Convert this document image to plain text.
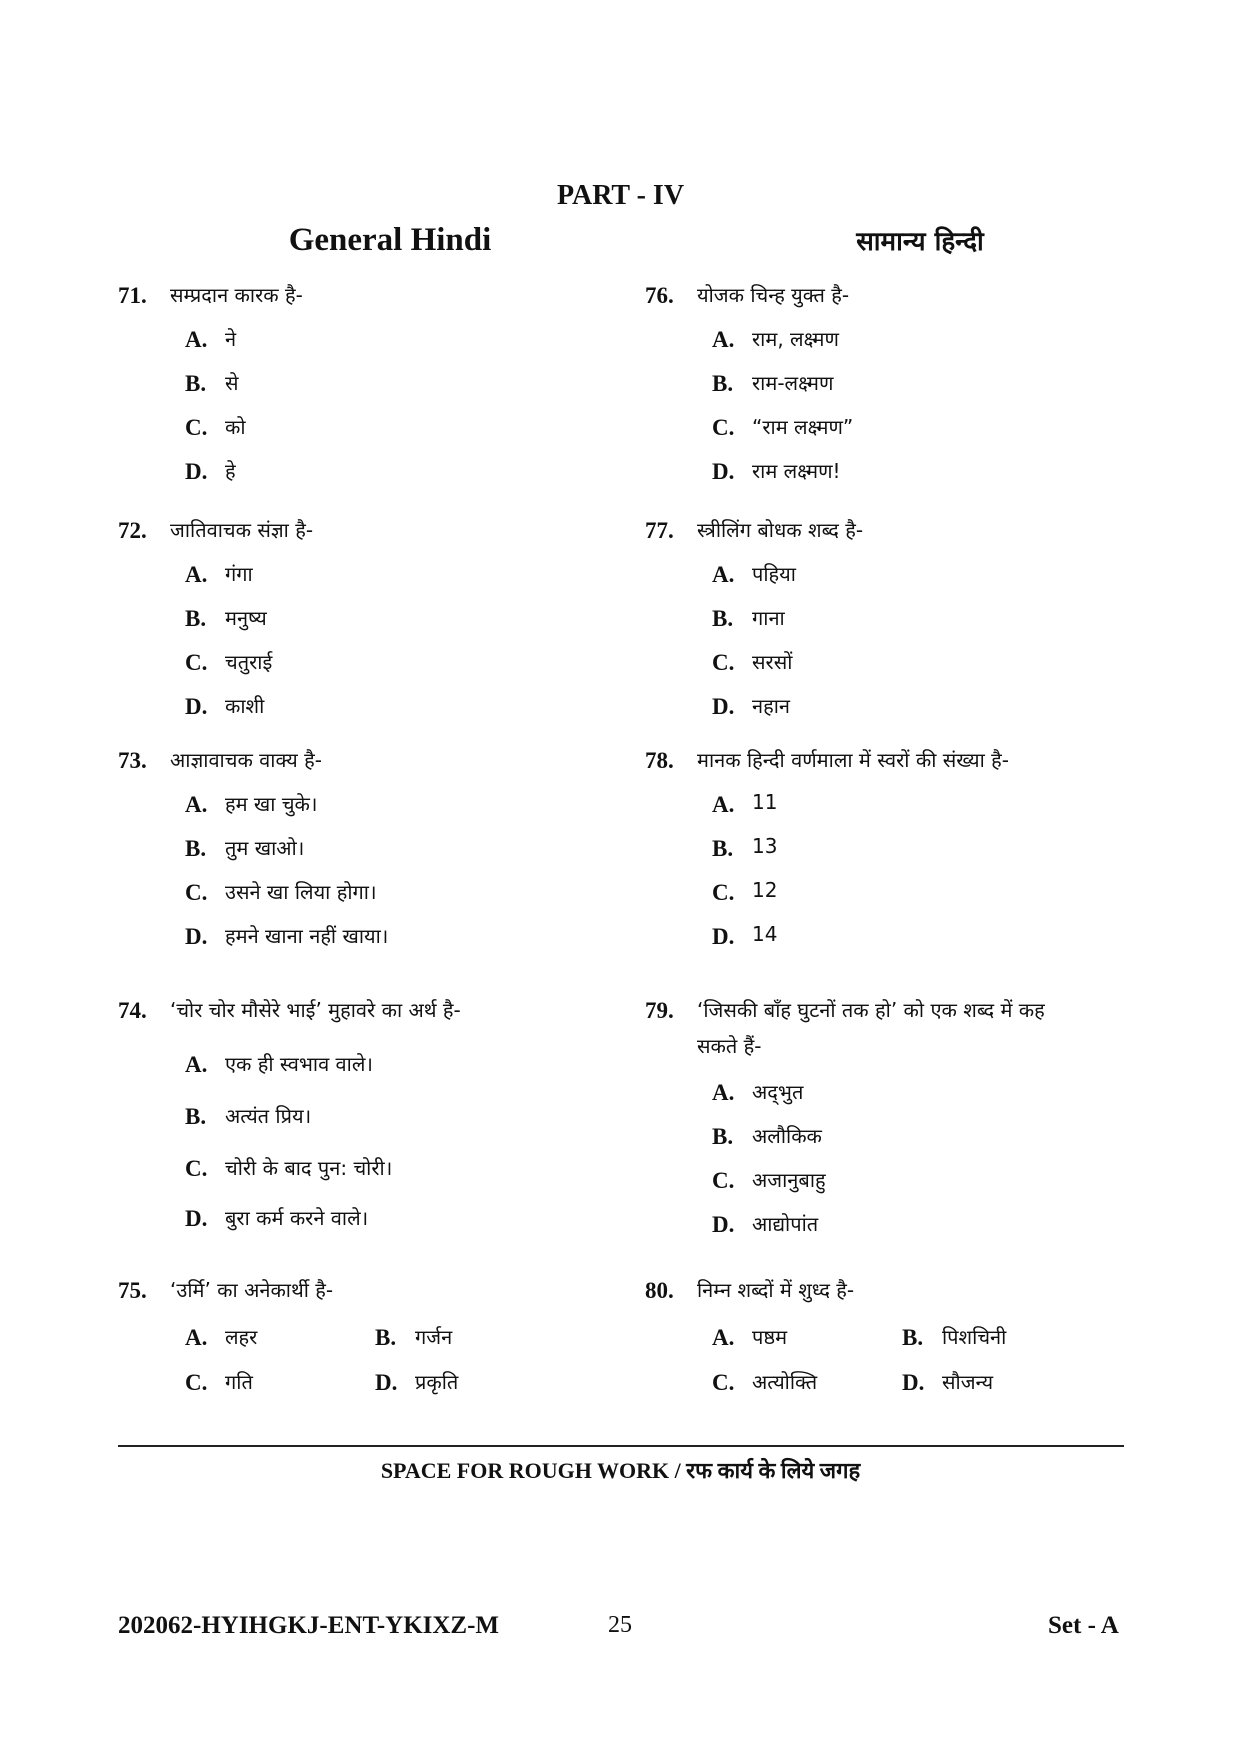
PART - IV
General Hindi	सामान्य हिन्दी
71. सम्प्रदान कारक है-
A. ने
B. से
C. को
D. हे
72. जातिवाचक संज्ञा है-
A. गंगा
B. मनुष्य
C. चतुराई
D. काशी
73. आज्ञावाचक वाक्य है-
A. हम खा चुके।
B. तुम खाओ।
C. उसने खा लिया होगा।
D. हमने खाना नहीं खाया।
74. ‘चोर चोर मौसेरे भाई’ मुहावरे का अर्थ है-
A. एक ही स्वभाव वाले।
B. अत्यंत प्रिय।
C. चोरी के बाद पुन: चोरी।
D. बुरा कर्म करने वाले।
75. ‘उर्मि’ का अनेकार्थी है-
A. लहर	B. गर्जन
C. गति	D. प्रकृति
76. योजक चिन्ह युक्त है-
A. राम, लक्ष्मण
B. राम-लक्ष्मण
C. “राम लक्ष्मण”
D. राम लक्ष्मण!
77. स्त्रीलिंग बोधक शब्द है-
A. पहिया
B. गाना
C. सरसों
D. नहान
78. मानक हिन्दी वर्णमाला में स्वरों की संख्या है-
A. 11
B. 13
C. 12
D. 14
79. ‘जिसकी बाँह घुटनों तक हो’ को एक शब्द में कह
सकते हैं-
A. अद्‍भुत
B. अलौकिक
C. अजानुबाहु
D. आद्योपांत
80. निम्न शब्दों में शुध्द है-
A. पष्ठम	B. पिशचिनी
C. अत्योक्ति	D. सौजन्य
SPACE FOR ROUGH WORK / रफ कार्य के लिये जगह
202062-HYIHGKJ-ENT-YKIXZ-M	25	Set - A
